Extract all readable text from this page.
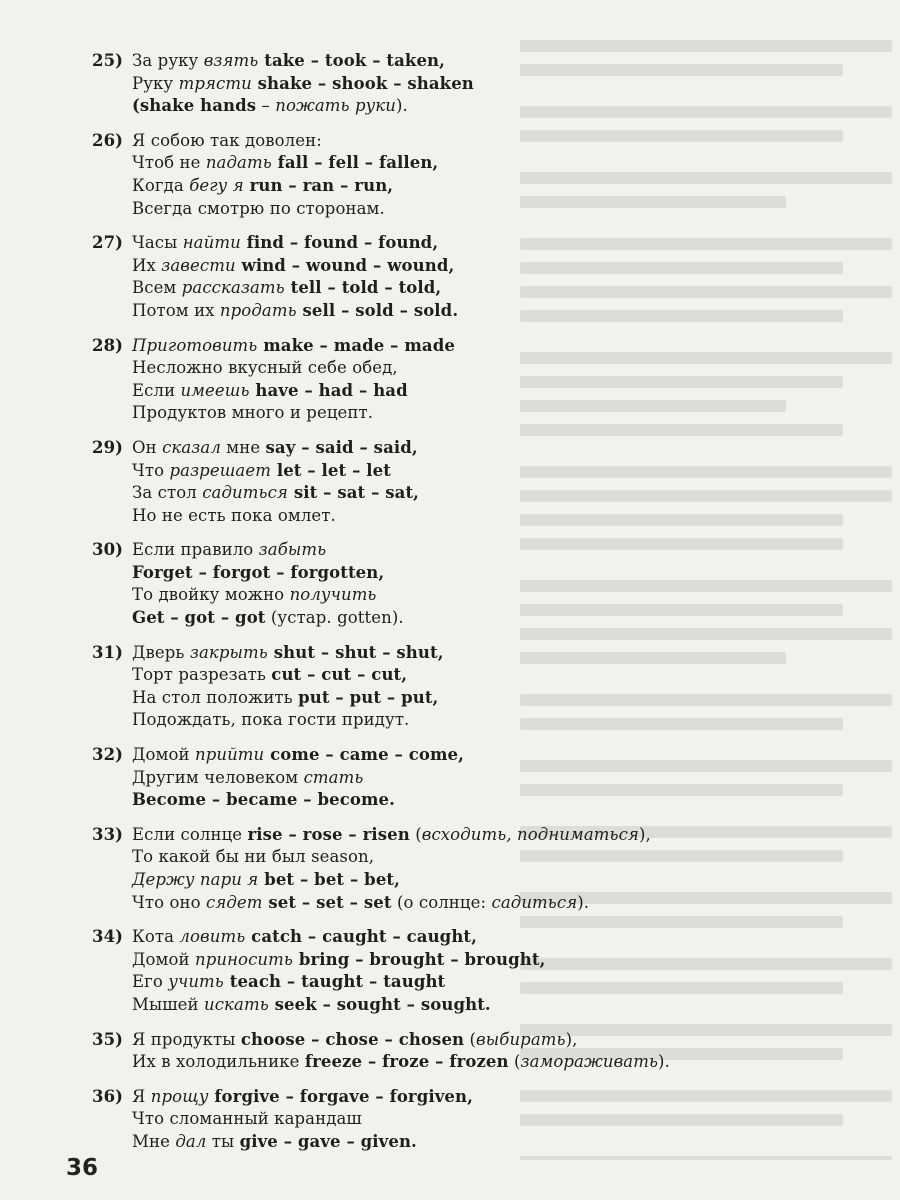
25) За руку взять take – took – taken,
Руку трясти shake – shook – shaken
(shake hands – пожать руки).
26) Я собою так доволен:
Чтоб не падать fall – fell – fallen,
Когда бегу я run – ran – run,
Всегда смотрю по сторонам.
27) Часы найти find – found – found,
Их завести wind – wound – wound,
Всем рассказать tell – told – told,
Потом их продать sell – sold – sold.
28) Приготовить make – made – made
Несложно вкусный себе обед,
Если имеешь have – had – had
Продуктов много и рецепт.
29) Он сказал мне say – said – said,
Что разрешает let – let – let
За стол садиться sit – sat – sat,
Но не есть пока омлет.
30) Если правило забыть
Forget – forgot – forgotten,
То двойку можно получить
Get – got – got (устар. gotten).
31) Дверь закрыть shut – shut – shut,
Торт разрезать cut – cut – cut,
На стол положить put – put – put,
Подождать, пока гости придут.
32) Домой прийти come – came – come,
Другим человеком стать
Become – became – become.
33) Если солнце rise – rose – risen (всходить, подниматься),
То какой бы ни был season,
Держу пари я bet – bet – bet,
Что оно сядет set – set – set (о солнце: садиться).
34) Кота ловить catch – caught – caught,
Домой приносить bring – brought – brought,
Его учить teach – taught – taught
Мышей искать seek – sought – sought.
35) Я продукты choose – chose – chosen (выбирать),
Их в холодильнике freeze – froze – frozen (замораживать).
36) Я прощу forgive – forgave – forgiven,
Что сломанный карандаш
Мне дал ты give – gave – given.
36
